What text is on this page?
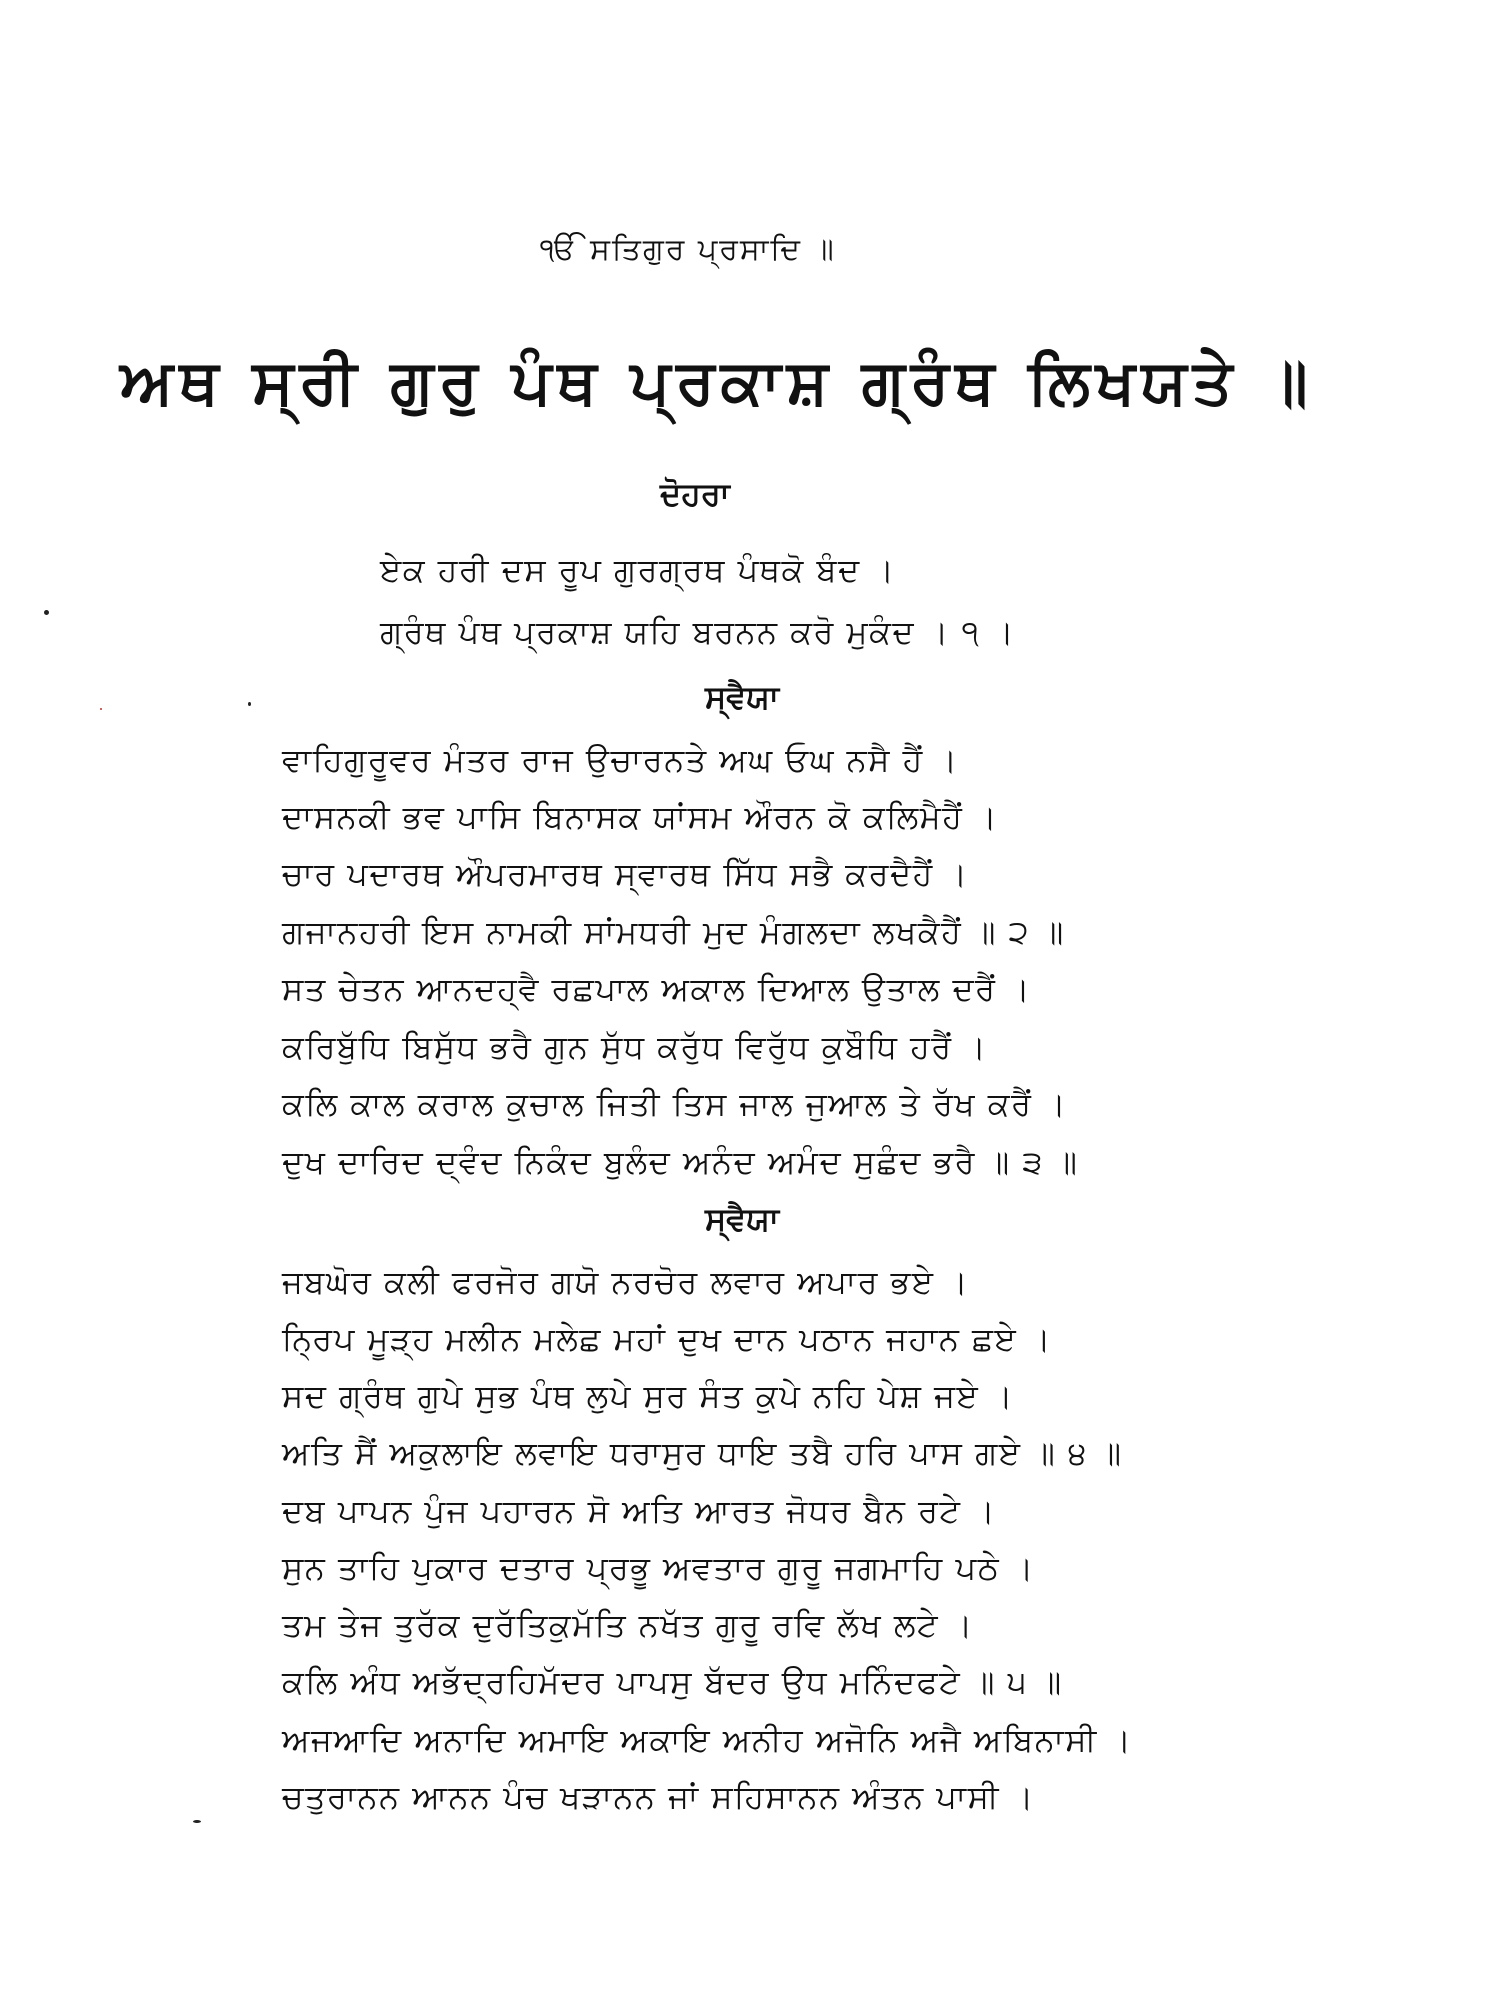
ੴ ਸਤਿਗੁਰ ਪ੍ਰਸਾਦਿ ॥
ਅਥ ਸ੍ਰੀ ਗੁਰੁ ਪੰਥ ਪ੍ਰਕਾਸ਼ ਗ੍ਰੰਥ ਲਿਖਯਤੇ ॥
ਦੋਹਰਾ
ਏਕ ਹਰੀ ਦਸ ਰੂਪ ਗੁਰਗ੍ਰਥ ਪੰਥਕੋ ਬੰਦ ।
ਗ੍ਰੰਥ ਪੰਥ ਪ੍ਰਕਾਸ਼ ਯਹਿ ਬਰਨਨ ਕਰੋ ਮੁਕੰਦ । ੧ ।
ਸ੍ਵੈਯਾ
ਵਾਹਿਗੁਰੂਵਰ ਮੰਤਰ ਰਾਜ ਉਚਾਰਨਤੇ ਅਘ ਓਘ ਨਸੈ ਹੈਂ ।
ਦਾਸਨਕੀ ਭਵ ਪਾਸਿ ਬਿਨਾਸਕ ਯਾਂਸਮ ਔਰਨ ਕੋ ਕਲਿਮੈਹੈਂ ।
ਚਾਰ ਪਦਾਰਥ ਔਪਰਮਾਰਥ ਸ੍ਵਾਰਥ ਸਿੱਧ ਸਭੈ ਕਰਦੈਹੈਂ ।
ਗਜਾਨਹਰੀ ਇਸ ਨਾਮਕੀ ਸਾਂਮਧਰੀ ਮੁਦ ਮੰਗਲਦਾ ਲਖਕੈਹੈਂ ॥ ੨ ॥
ਸਤ ਚੇਤਨ ਆਨਦਹ੍ਵੈ ਰਛਪਾਲ ਅਕਾਲ ਦਿਆਲ ਉਤਾਲ ਦਰੈਂ ।
ਕਰਿਬੁੱਧਿ ਬਿਸੁੱਧ ਭਰੈ ਗੁਨ ਸੁੱਧ ਕਰੁੱਧ ਵਿਰੁੱਧ ਕੁਬੌਧਿ ਹਰੈਂ ।
ਕਲਿ ਕਾਲ ਕਰਾਲ ਕੁਚਾਲ ਜਿਤੀ ਤਿਸ ਜਾਲ ਜੁਆਲ ਤੇ ਰੱਖ ਕਰੈਂ ।
ਦੁਖ ਦਾਰਿਦ ਦ੍ਵੰਦ ਨਿਕੰਦ ਬੁਲੰਦ ਅਨੰਦ ਅਮੰਦ ਸੁਛੰਦ ਭਰੈ ॥ ੩ ॥
ਸ੍ਵੈਯਾ
ਜਬਘੋਰ ਕਲੀ ਫਰਜੋਰ ਗਯੋ ਨਰਚੋਰ ਲਵਾਰ ਅਪਾਰ ਭਏ ।
ਨ੍ਰਿਪ ਮੂੜ੍ਹ ਮਲੀਨ ਮਲੇਛ ਮਹਾਂ ਦੁਖ ਦਾਨ ਪਠਾਨ ਜਹਾਨ ਛਏ ।
ਸਦ ਗ੍ਰੰਥ ਗੁਪੇ ਸੁਭ ਪੰਥ ਲੁਪੇ ਸੁਰ ਸੰਤ ਕੁਪੇ ਨਹਿ ਪੇਸ਼ ਜਏ ।
ਅਤਿ ਸੈਂ ਅਕੁਲਾਇ ਲਵਾਇ ਧਰਾਸੁਰ ਧਾਇ ਤਬੈ ਹਰਿ ਪਾਸ ਗਏ ॥ ੪ ॥
ਦਬ ਪਾਪਨ ਪੁੰਜ ਪਹਾਰਨ ਸੋ ਅਤਿ ਆਰਤ ਜੋਧਰ ਬੈਨ ਰਟੇ ।
ਸੁਨ ਤਾਹਿ ਪੁਕਾਰ ਦਤਾਰ ਪ੍ਰਭੂ ਅਵਤਾਰ ਗੁਰੂ ਜਗਮਾਹਿ ਪਠੇ ।
ਤਮ ਤੇਜ ਤੁਰੱਕ ਦੁਰੱਤਿਕੁਮੱਤਿ ਨਖੱਤ ਗੁਰੂ ਰਵਿ ਲੱਖ ਲਟੇ ।
ਕਲਿ ਅੰਧ ਅਭੱਦ੍ਰਹਿਮੱਦਰ ਪਾਪਸੁ ਬੱਦਰ ਉਧ ਮਨਿੰਦਫਟੇ ॥ ੫ ॥
ਅਜਆਦਿ ਅਨਾਦਿ ਅਮਾਇ ਅਕਾਇ ਅਨੀਹ ਅਜੋਨਿ ਅਜੈ ਅਬਿਨਾਸੀ ।
ਚਤੁਰਾਨਨ ਆਨਨ ਪੰਚ ਖੜਾਨਨ ਜਾਂ ਸਹਿਸਾਨਨ ਅੰਤਨ ਪਾਸੀ ।
